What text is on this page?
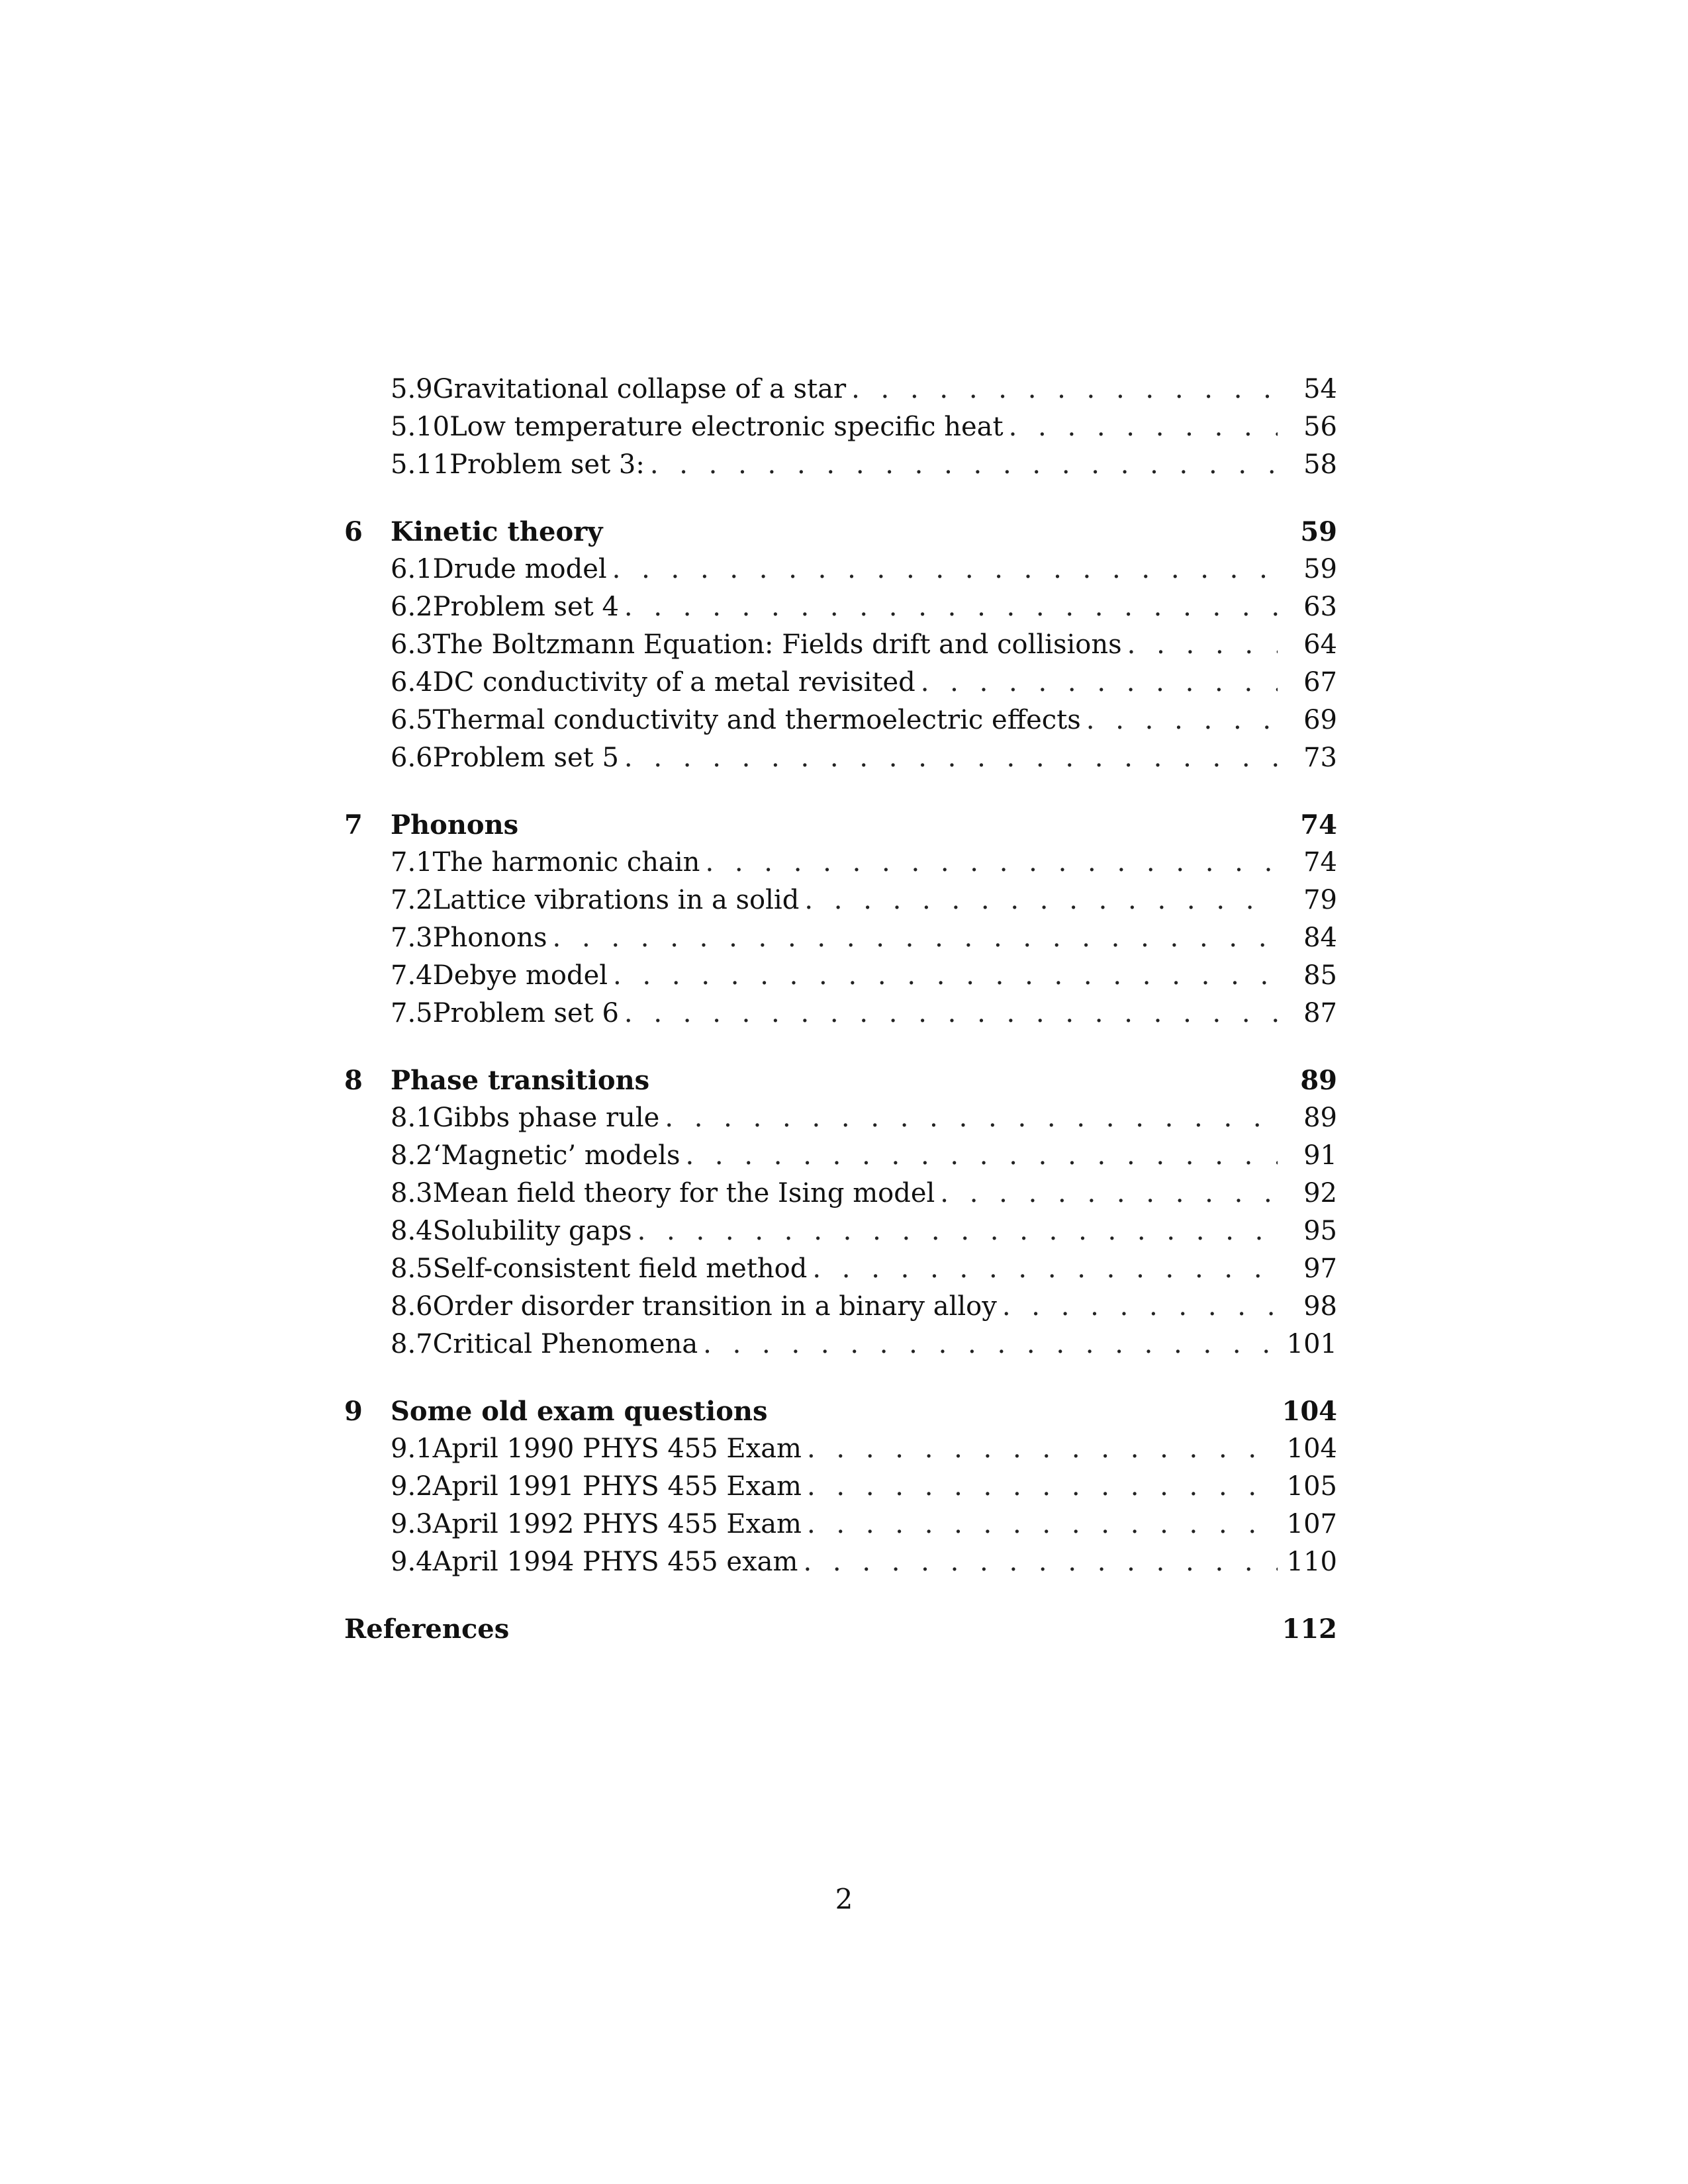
5.9 Gravitational collapse of a star . . .	54
5.10 Low temperature electronic specific heat . . .	56
5.11 Problem set 3: . . .	58
6	Kinetic theory	59
6.1 Drude model . . .	59
6.2 Problem set 4 . . .	63
6.3 The Boltzmann Equation: Fields drift and collisions . . .	64
6.4 DC conductivity of a metal revisited . . .	67
6.5 Thermal conductivity and thermoelectric effects . . .	69
6.6 Problem set 5 . . .	73
7	Phonons	74
7.1 The harmonic chain . . .	74
7.2 Lattice vibrations in a solid . . .	79
7.3 Phonons . . .	84
7.4 Debye model . . .	85
7.5 Problem set 6 . . .	87
8	Phase transitions	89
8.1 Gibbs phase rule . . .	89
8.2 ‘Magnetic’ models . . .	91
8.3 Mean field theory for the Ising model . . .	92
8.4 Solubility gaps . . .	95
8.5 Self-consistent field method . . .	97
8.6 Order disorder transition in a binary alloy . . .	98
8.7 Critical Phenomena . . .	101
9	Some old exam questions	104
9.1 April 1990 PHYS 455 Exam . . .	104
9.2 April 1991 PHYS 455 Exam . . .	105
9.3 April 1992 PHYS 455 Exam . . .	107
9.4 April 1994 PHYS 455 exam . . .	110
References	112
2
